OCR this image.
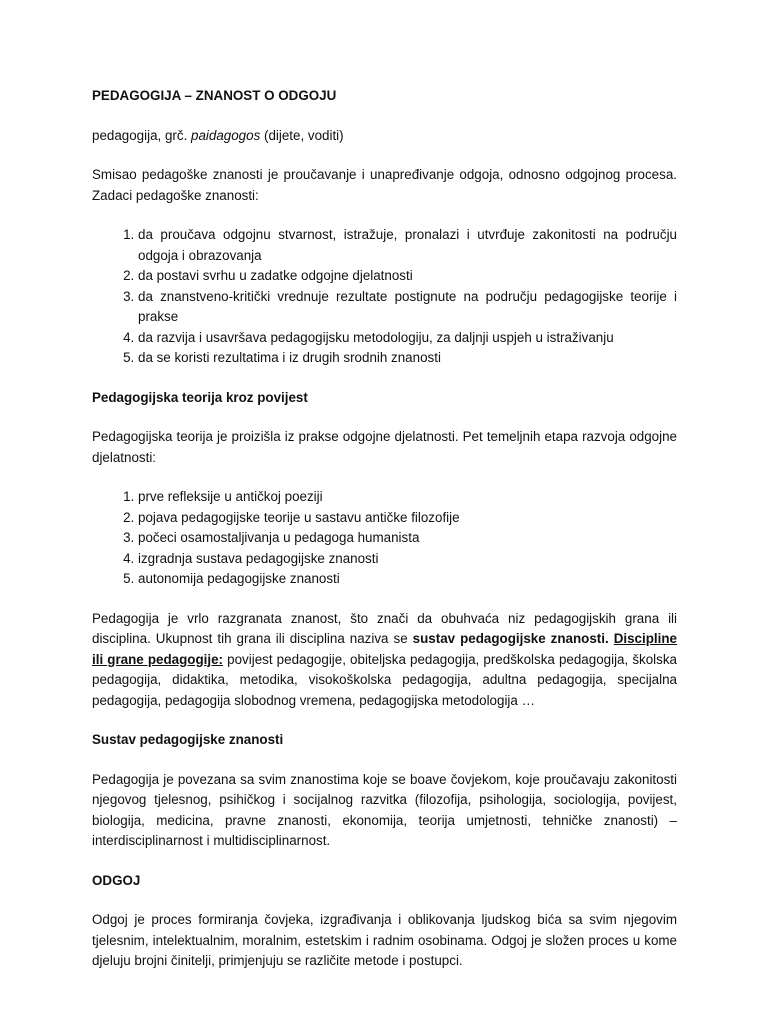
PEDAGOGIJA – ZNANOST O ODGOJU

pedagogija, grč. paidagogos (dijete, voditi)

Smisao pedagoške znanosti je proučavanje i unapređivanje odgoja, odnosno odgojnog procesa. Zadaci pedagoške znanosti:

1. da proučava odgojnu stvarnost, istražuje, pronalazi i utvrđuje zakonitosti na području odgoja i obrazovanja
2. da postavi svrhu u zadatke odgojne djelatnosti
3. da znanstveno-kritički vrednuje rezultate postignute na području pedagogijske teorije i prakse
4. da razvija i usavršava pedagogijsku metodologiju, za daljnji uspjeh u istraživanju
5. da se koristi rezultatima i iz drugih srodnih znanosti

Pedagogijska teorija kroz povijest

Pedagogijska teorija je proizišla iz prakse odgojne djelatnosti. Pet temeljnih etapa razvoja odgojne djelatnosti:

1. prve refleksije u antičkoj poeziji
2. pojava pedagogijske teorije u sastavu antičke filozofije
3. počeci osamostaljivanja u pedagoga humanista
4. izgradnja sustava pedagogijske znanosti
5. autonomija pedagogijske znanosti

Pedagogija je vrlo razgranata znanost, što znači da obuhvaća niz pedagogijskih grana ili disciplina. Ukupnost tih grana ili disciplina naziva se sustav pedagogijske znanosti. Discipline ili grane pedagogije: povijest pedagogije, obiteljska pedagogija, predškolska pedagogija, školska pedagogija, didaktika, metodika, visokoškolska pedagogija, adultna pedagogija, specijalna pedagogija, pedagogija slobodnog vremena, pedagogijska metodologija …

Sustav pedagogijske znanosti

Pedagogija je povezana sa svim znanostima koje se boave čovjekom, koje proučavaju zakonitosti njegovog tjelesnog, psihičkog i socijalnog razvitka (filozofija, psihologija, sociologija, povijest, biologija, medicina, pravne znanosti, ekonomija, teorija umjetnosti, tehničke znanosti) – interdisciplinarnost i multidisciplinarnost.

ODGOJ

Odgoj je proces formiranja čovjeka, izgrađivanja i oblikovanja ljudskog bića sa svim njegovim tjelesnim, intelektualnim, moralnim, estetskim i radnim osobinama. Odgoj je složen proces u kome djeluju brojni činitelji, primjenjuju se različite metode i postupci.
